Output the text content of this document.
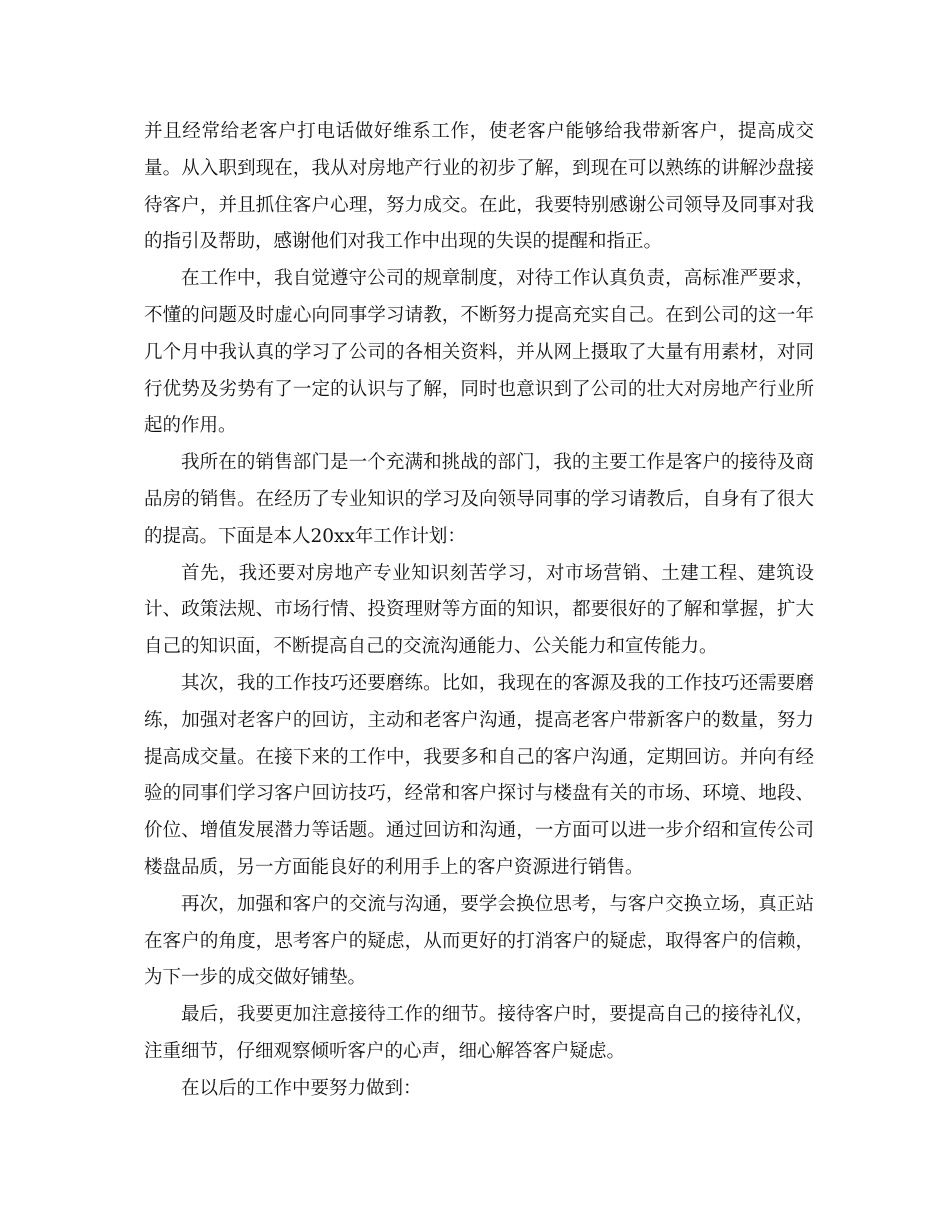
并且经常给老客户打电话做好维系工作，使老客户能够给我带新客户，提高成交量。从入职到现在，我从对房地产行业的初步了解，到现在可以熟练的讲解沙盘接待客户，并且抓住客户心理，努力成交。在此，我要特别感谢公司领导及同事对我的指引及帮助，感谢他们对我工作中出现的失误的提醒和指正。

在工作中，我自觉遵守公司的规章制度，对待工作认真负责，高标准严要求，不懂的问题及时虚心向同事学习请教，不断努力提高充实自己。在到公司的这一年几个月中我认真的学习了公司的各相关资料，并从网上摄取了大量有用素材，对同行优势及劣势有了一定的认识与了解，同时也意识到了公司的壮大对房地产行业所起的作用。

我所在的销售部门是一个充满和挑战的部门，我的主要工作是客户的接待及商品房的销售。在经历了专业知识的学习及向领导同事的学习请教后，自身有了很大的提高。下面是本人20xx年工作计划：

首先，我还要对房地产专业知识刻苦学习，对市场营销、土建工程、建筑设计、政策法规、市场行情、投资理财等方面的知识，都要很好的了解和掌握，扩大自己的知识面，不断提高自己的交流沟通能力、公关能力和宣传能力。

其次，我的工作技巧还要磨练。比如，我现在的客源及我的工作技巧还需要磨练，加强对老客户的回访，主动和老客户沟通，提高老客户带新客户的数量，努力提高成交量。在接下来的工作中，我要多和自己的客户沟通，定期回访。并向有经验的同事们学习客户回访技巧，经常和客户探讨与楼盘有关的市场、环境、地段、价位、增值发展潜力等话题。通过回访和沟通，一方面可以进一步介绍和宣传公司楼盘品质，另一方面能良好的利用手上的客户资源进行销售。

再次，加强和客户的交流与沟通，要学会换位思考，与客户交换立场，真正站在客户的角度，思考客户的疑虑，从而更好的打消客户的疑虑，取得客户的信赖，为下一步的成交做好铺垫。

最后，我要更加注意接待工作的细节。接待客户时，要提高自己的接待礼仪，注重细节，仔细观察倾听客户的心声，细心解答客户疑虑。

在以后的工作中要努力做到：
